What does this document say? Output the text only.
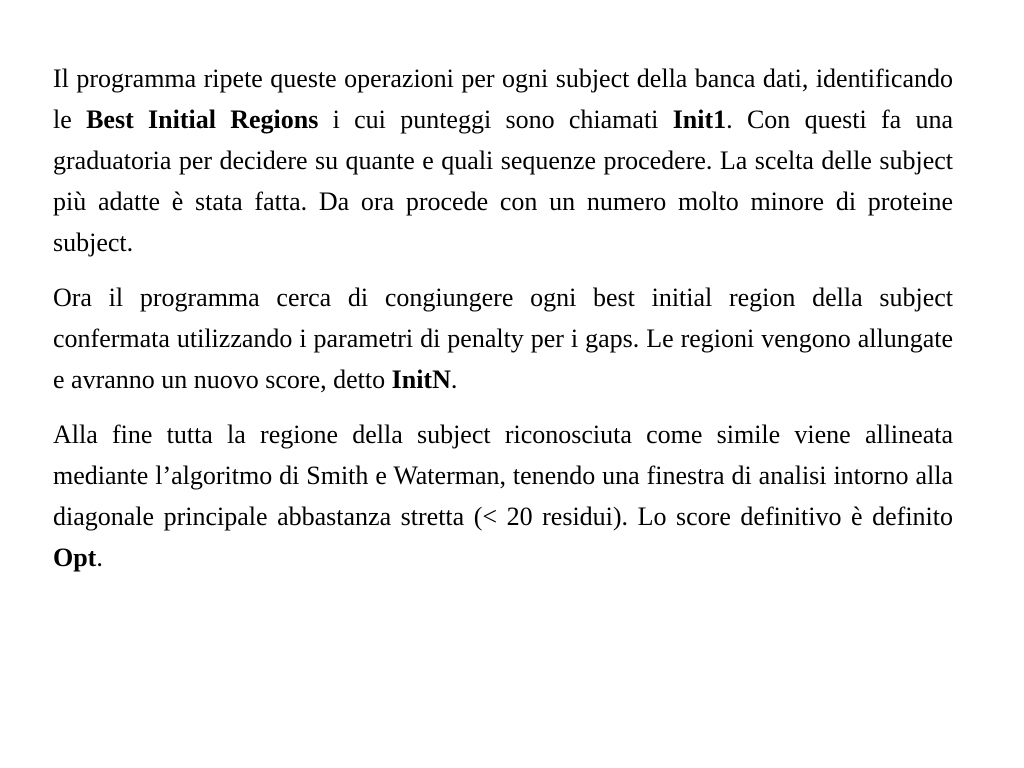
Il programma ripete queste operazioni per ogni subject della banca dati, identificando le Best Initial Regions i cui punteggi sono chiamati Init1. Con questi fa una graduatoria per decidere su quante e quali sequenze procedere. La scelta delle subject più adatte è stata fatta. Da ora procede con un numero molto minore di proteine subject.

Ora il programma cerca di congiungere ogni best initial region della subject confermata utilizzando i parametri di penalty per i gaps. Le regioni vengono allungate e avranno un nuovo score, detto InitN.

Alla fine tutta la regione della subject riconosciuta come simile viene allineata mediante l’algoritmo di Smith e Waterman, tenendo una finestra di analisi intorno alla diagonale principale abbastanza stretta (< 20 residui). Lo score definitivo è definito Opt.
